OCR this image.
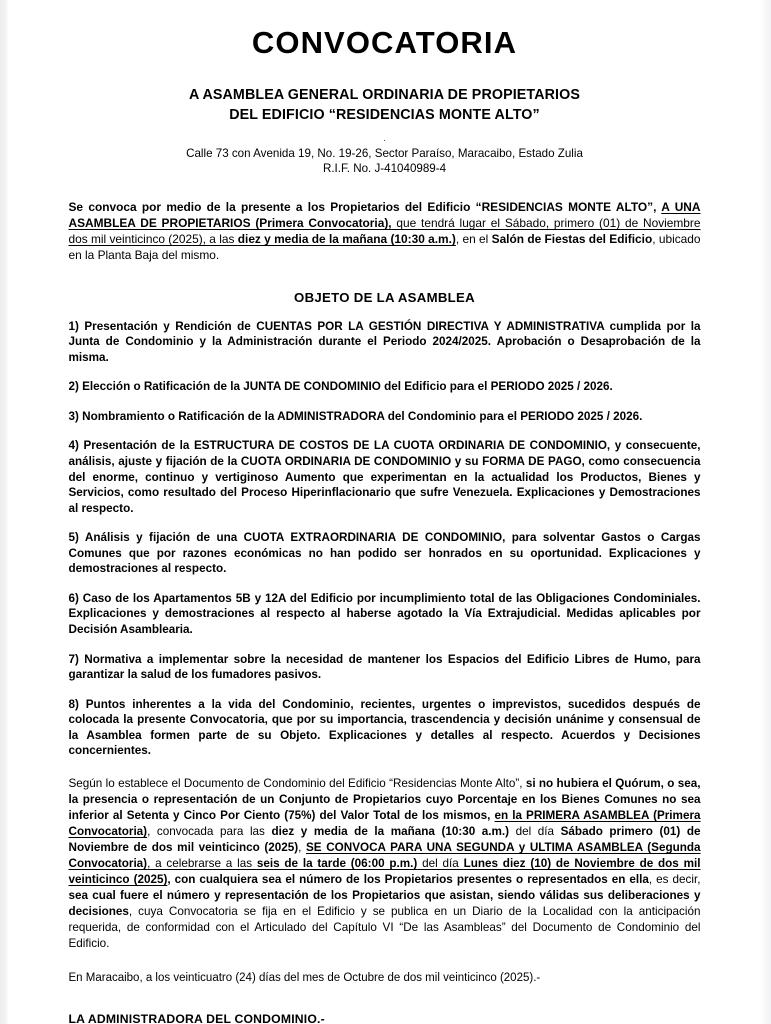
CONVOCATORIA
A ASAMBLEA GENERAL ORDINARIA DE PROPIETARIOS
DEL EDIFICIO “RESIDENCIAS MONTE ALTO”
.
Calle 73 con Avenida 19, No. 19-26, Sector Paraíso, Maracaibo, Estado Zulia
R.I.F. No. J-41040989-4

Se convoca por medio de la presente a los Propietarios del Edificio “RESIDENCIAS MONTE ALTO”, A UNA ASAMBLEA DE PROPIETARIOS (Primera Convocatoria), que tendrá lugar el Sábado, primero (01) de Noviembre dos mil veinticinco (2025), a las diez y media de la mañana (10:30 a.m.), en el Salón de Fiestas del Edificio, ubicado en la Planta Baja del mismo.

OBJETO DE LA ASAMBLEA

1) Presentación y Rendición de CUENTAS POR LA GESTIÓN DIRECTIVA Y ADMINISTRATIVA cumplida por la Junta de Condominio y la Administración durante el Periodo 2024/2025. Aprobación o Desaprobación de la misma.

2) Elección o Ratificación de la JUNTA DE CONDOMINIO del Edificio para el PERIODO 2025 / 2026.

3) Nombramiento o Ratificación de la ADMINISTRADORA del Condominio para el PERIODO 2025 / 2026.

4) Presentación de la ESTRUCTURA DE COSTOS DE LA CUOTA ORDINARIA DE CONDOMINIO, y consecuente, análisis, ajuste y fijación de la CUOTA ORDINARIA DE CONDOMINIO y su FORMA DE PAGO, como consecuencia del enorme, continuo y vertiginoso Aumento que experimentan en la actualidad los Productos, Bienes y Servicios, como resultado del Proceso Hiperinflacionario que sufre Venezuela. Explicaciones y Demostraciones al respecto.

5) Análisis y fijación de una CUOTA EXTRAORDINARIA DE CONDOMINIO, para solventar Gastos o Cargas Comunes que por razones económicas no han podido ser honrados en su oportunidad. Explicaciones y demostraciones al respecto.

6) Caso de los Apartamentos 5B y 12A del Edificio por incumplimiento total de las Obligaciones Condominiales. Explicaciones y demostraciones al respecto al haberse agotado la Vía Extrajudicial. Medidas aplicables por Decisión Asamblearia.

7) Normativa a implementar sobre la necesidad de mantener los Espacios del Edificio Libres de Humo, para garantizar la salud de los fumadores pasivos.

8) Puntos inherentes a la vida del Condominio, recientes, urgentes o imprevistos, sucedidos después de colocada la presente Convocatoria, que por su importancia, trascendencia y decisión unánime y consensual de la Asamblea formen parte de su Objeto. Explicaciones y detalles al respecto. Acuerdos y Decisiones concernientes.

Según lo establece el Documento de Condominio del Edificio “Residencias Monte Alto”, si no hubiera el Quórum, o sea, la presencia o representación de un Conjunto de Propietarios cuyo Porcentaje en los Bienes Comunes no sea inferior al Setenta y Cinco Por Ciento (75%) del Valor Total de los mismos, en la PRIMERA ASAMBLEA (Primera Convocatoria), convocada para las diez y media de la mañana (10:30 a.m.) del día Sábado primero (01) de Noviembre de dos mil veinticinco (2025), SE CONVOCA PARA UNA SEGUNDA y ULTIMA ASAMBLEA (Segunda Convocatoria), a celebrarse a las seis de la tarde (06:00 p.m.) del día Lunes diez (10) de Noviembre de dos mil veinticinco (2025), con cualquiera sea el número de los Propietarios presentes o representados en ella, es decir, sea cual fuere el número y representación de los Propietarios que asistan, siendo válidas sus deliberaciones y decisiones, cuya Convocatoria se fija en el Edificio y se publica en un Diario de la Localidad con la anticipación requerida, de conformidad con el Articulado del Capítulo VI “De las Asambleas” del Documento de Condominio del Edificio.

En Maracaibo, a los veinticuatro (24) días del mes de Octubre de dos mil veinticinco (2025).-

LA ADMINISTRADORA DEL CONDOMINIO.-
